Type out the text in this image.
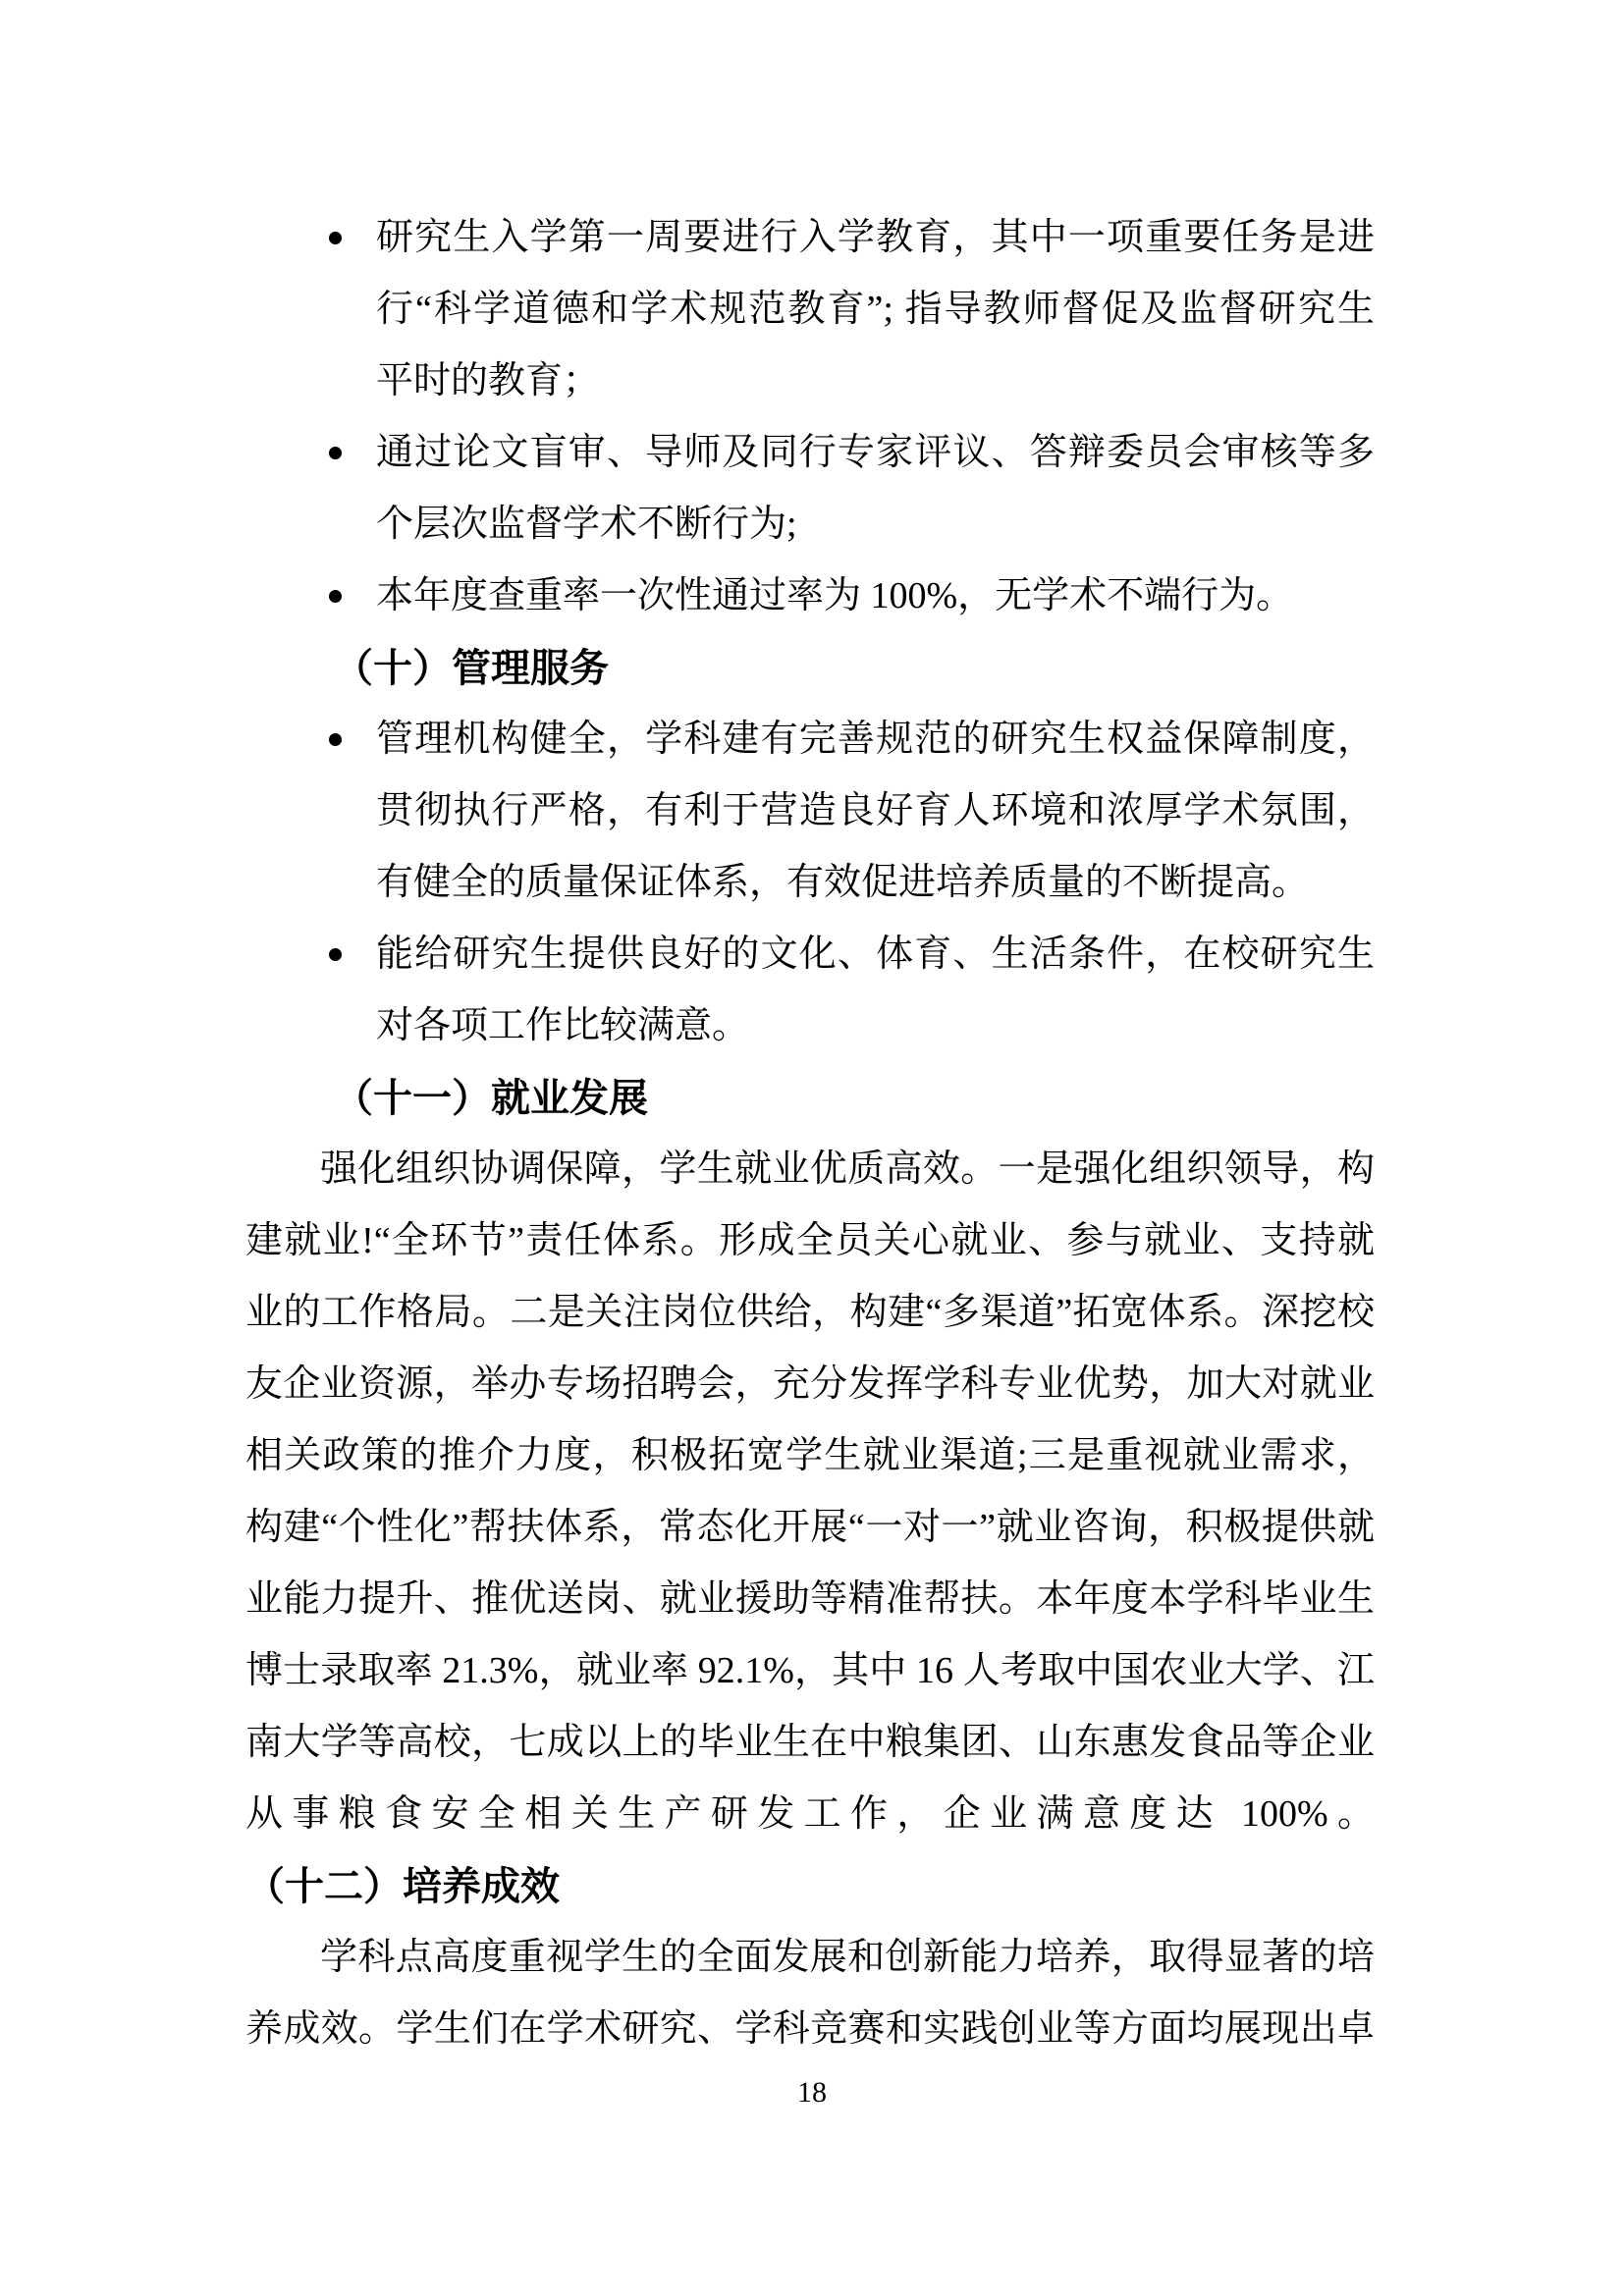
研究生入学第一周要进行入学教育，其中一项重要任务是进
行“科学道德和学术规范教育”; 指导教师督促及监督研究生
平时的教育；
通过论文盲审、导师及同行专家评议、答辩委员会审核等多
个层次监督学术不断行为;
本年度查重率一次性通过率为 100%，无学术不端行为。
（十）管理服务
管理机构健全，学科建有完善规范的研究生权益保障制度，
贯彻执行严格，有利于营造良好育人环境和浓厚学术氛围，
有健全的质量保证体系，有效促进培养质量的不断提高。
能给研究生提供良好的文化、体育、生活条件，在校研究生
对各项工作比较满意。
（十一）就业发展
强化组织协调保障，学生就业优质高效。一是强化组织领导，构
建就业!“全环节”责任体系。形成全员关心就业、参与就业、支持就
业的工作格局。二是关注岗位供给，构建“多渠道”拓宽体系。深挖校
友企业资源，举办专场招聘会，充分发挥学科专业优势，加大对就业
相关政策的推介力度，积极拓宽学生就业渠道;三是重视就业需求，
构建“个性化”帮扶体系，常态化开展“一对一”就业咨询，积极提供就
业能力提升、推优送岗、就业援助等精准帮扶。本年度本学科毕业生
博士录取率 21.3%，就业率 92.1%，其中 16 人考取中国农业大学、江
南大学等高校，七成以上的毕业生在中粮集团、山东惠发食品等企业
从事粮食安全相关生产研发工作，企业满意度达 100%。
（十二）培养成效
学科点高度重视学生的全面发展和创新能力培养，取得显著的培
养成效。学生们在学术研究、学科竞赛和实践创业等方面均展现出卓
18
